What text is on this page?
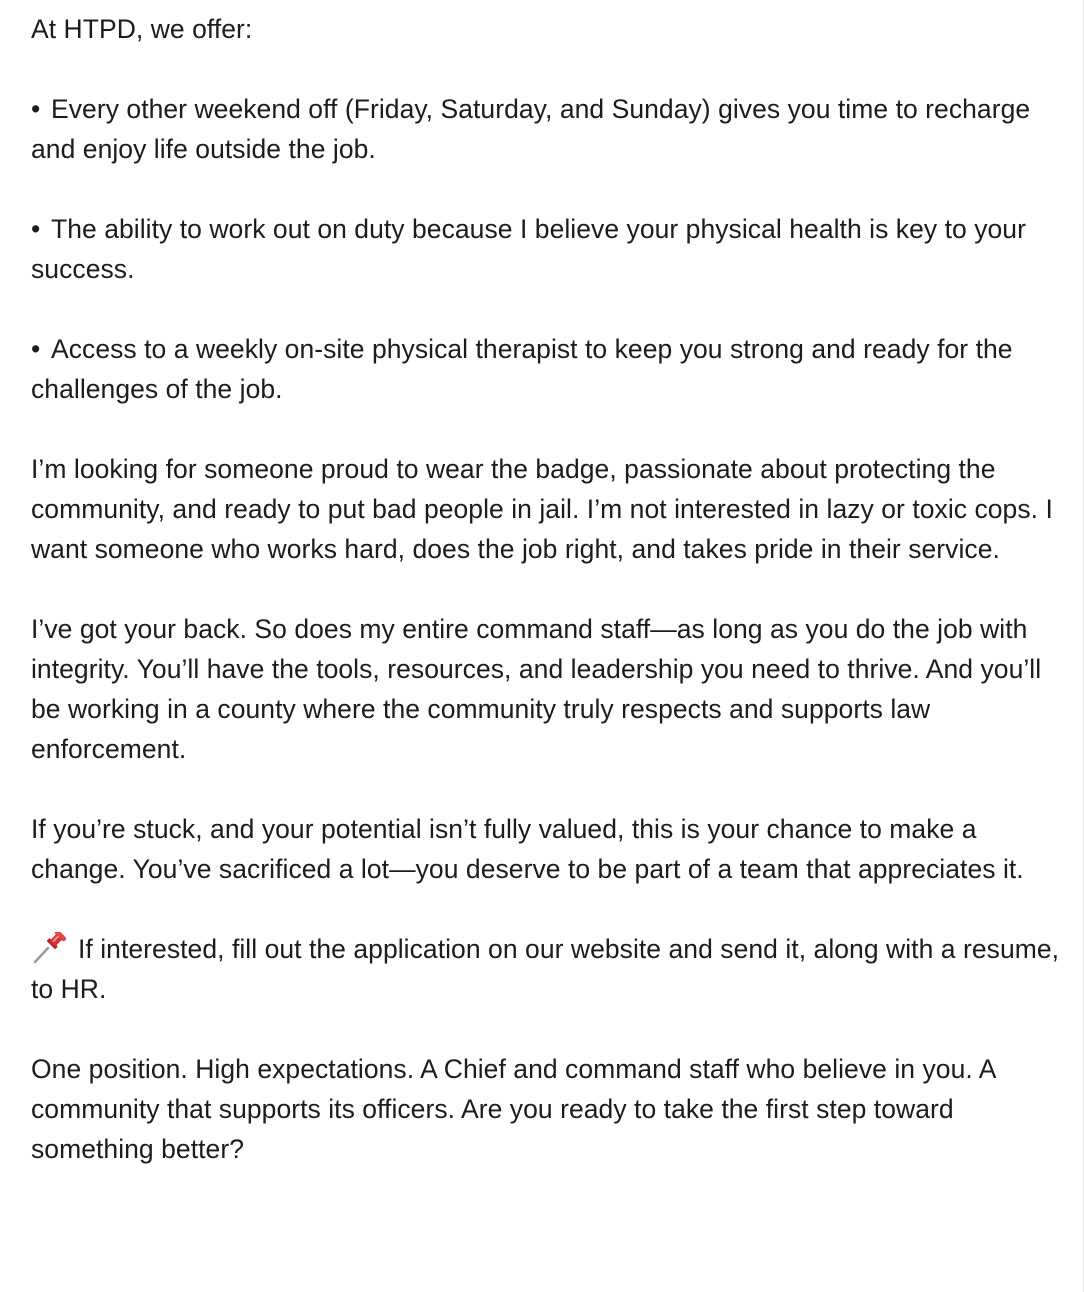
At HTPD, we offer:

• Every other weekend off (Friday, Saturday, and Sunday) gives you time to recharge and enjoy life outside the job.

• The ability to work out on duty because I believe your physical health is key to your success.

• Access to a weekly on-site physical therapist to keep you strong and ready for the challenges of the job.

I’m looking for someone proud to wear the badge, passionate about protecting the community, and ready to put bad people in jail. I’m not interested in lazy or toxic cops. I want someone who works hard, does the job right, and takes pride in their service.

I’ve got your back. So does my entire command staff—as long as you do the job with integrity. You’ll have the tools, resources, and leadership you need to thrive. And you’ll be working in a county where the community truly respects and supports law enforcement.

If you’re stuck, and your potential isn’t fully valued, this is your chance to make a change. You’ve sacrificed a lot—you deserve to be part of a team that appreciates it.

If interested, fill out the application on our website and send it, along with a resume, to HR.

One position. High expectations. A Chief and command staff who believe in you. A community that supports its officers. Are you ready to take the first step toward something better?
